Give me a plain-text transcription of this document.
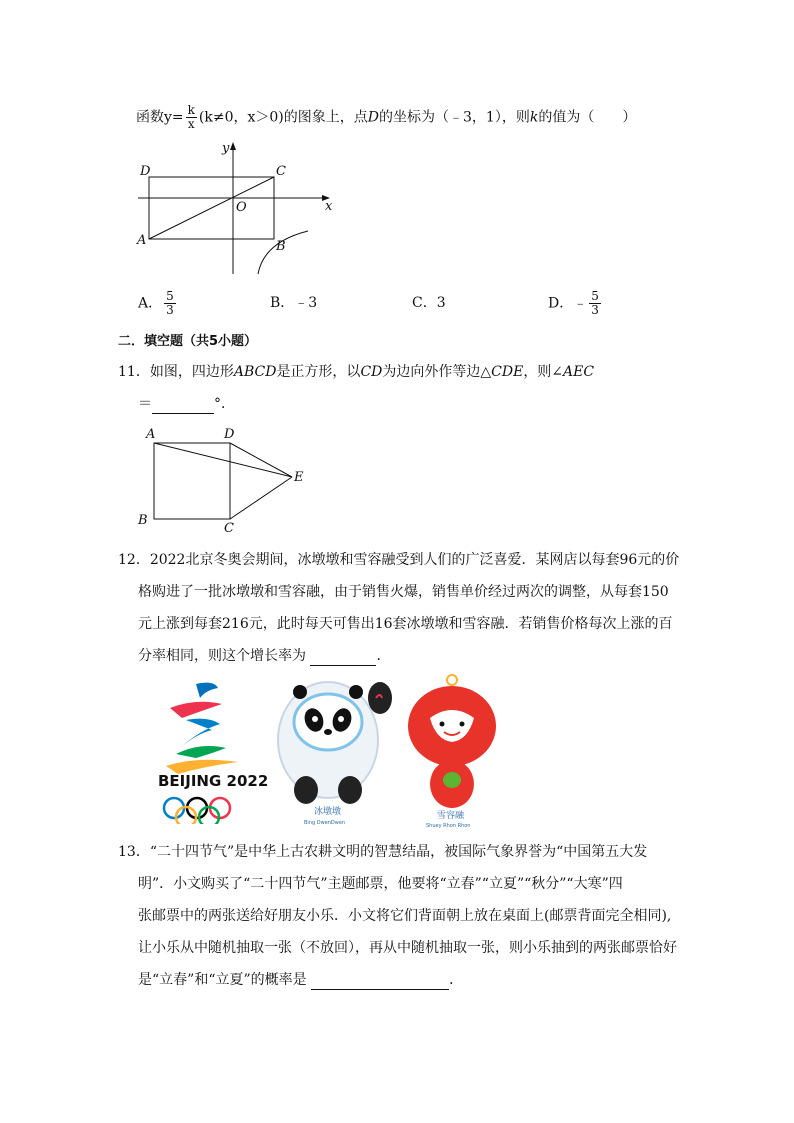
函数$y= \frac{k}{x} (k\ne 0$，x＞0)的图象上，点D的坐标为（﹣3，1），则k的值为（　　）
D	C
A	B
O	x
y
A． $\frac{5}{3}$	B．﹣3	C．3	D．﹣ $\frac{5}{3}$
二．填空题（共5小题）
11．如图，四边形ABCD是正方形，以CD为边向外作等边△CDE，则∠AEC
＝	°．
A	D
E
B
C
12．2022北京冬奥会期间，冰墩墩和雪容融受到人们的广泛喜爱．某网店以每套96元的价
格购进了一批冰墩墩和雪容融，由于销售火爆，销售单价经过两次的调整，从每套150
元上涨到每套216元，此时每天可售出16套冰墩墩和雪容融．若销售价格每次上涨的百
分率相同，则这个增长率为	．
BEIJING 2022
冰墩墩
Bing DwenDwen
雪容融
Shuey Rhon Rhon
13．“二十四节气”是中华上古农耕文明的智慧结晶，被国际气象界誉为“中国第五大发
明”．小文购买了“二十四节气”主题邮票，他要将“立春”“立夏”“秋分”“大寒”四
张邮票中的两张送给好朋友小乐．小文将它们背面朝上放在桌面上(邮票背面完全相同),
让小乐从中随机抽取一张（不放回），再从中随机抽取一张，则小乐抽到的两张邮票恰好
是“立春”和“立夏”的概率是	．
